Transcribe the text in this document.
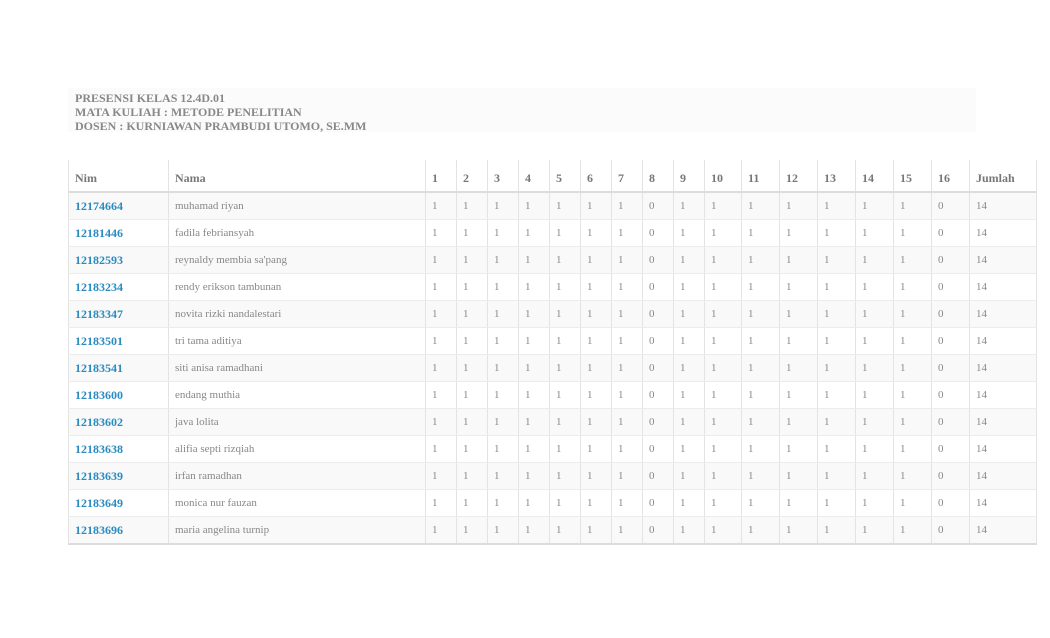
PRESENSI KELAS 12.4D.01
MATA KULIAH : METODE PENELITIAN
DOSEN : KURNIAWAN PRAMBUDI UTOMO, SE.MM
Nim	Nama	1	2	3	4	5	6	7	8	9	10	11	12	13	14	15	16	Jumlah
12174664	muhamad riyan	1	1	1	1	1	1	1	0	1	1	1	1	1	1	1	0	14
12181446	fadila febriansyah	1	1	1	1	1	1	1	0	1	1	1	1	1	1	1	0	14
12182593	reynaldy membia sa'pang	1	1	1	1	1	1	1	0	1	1	1	1	1	1	1	0	14
12183234	rendy erikson tambunan	1	1	1	1	1	1	1	0	1	1	1	1	1	1	1	0	14
12183347	novita rizki nandalestari	1	1	1	1	1	1	1	0	1	1	1	1	1	1	1	0	14
12183501	tri tama aditiya	1	1	1	1	1	1	1	0	1	1	1	1	1	1	1	0	14
12183541	siti anisa ramadhani	1	1	1	1	1	1	1	0	1	1	1	1	1	1	1	0	14
12183600	endang muthia	1	1	1	1	1	1	1	0	1	1	1	1	1	1	1	0	14
12183602	java lolita	1	1	1	1	1	1	1	0	1	1	1	1	1	1	1	0	14
12183638	alifia septi rizqiah	1	1	1	1	1	1	1	0	1	1	1	1	1	1	1	0	14
12183639	irfan ramadhan	1	1	1	1	1	1	1	0	1	1	1	1	1	1	1	0	14
12183649	monica nur fauzan	1	1	1	1	1	1	1	0	1	1	1	1	1	1	1	0	14
12183696	maria angelina turnip	1	1	1	1	1	1	1	0	1	1	1	1	1	1	1	0	14
